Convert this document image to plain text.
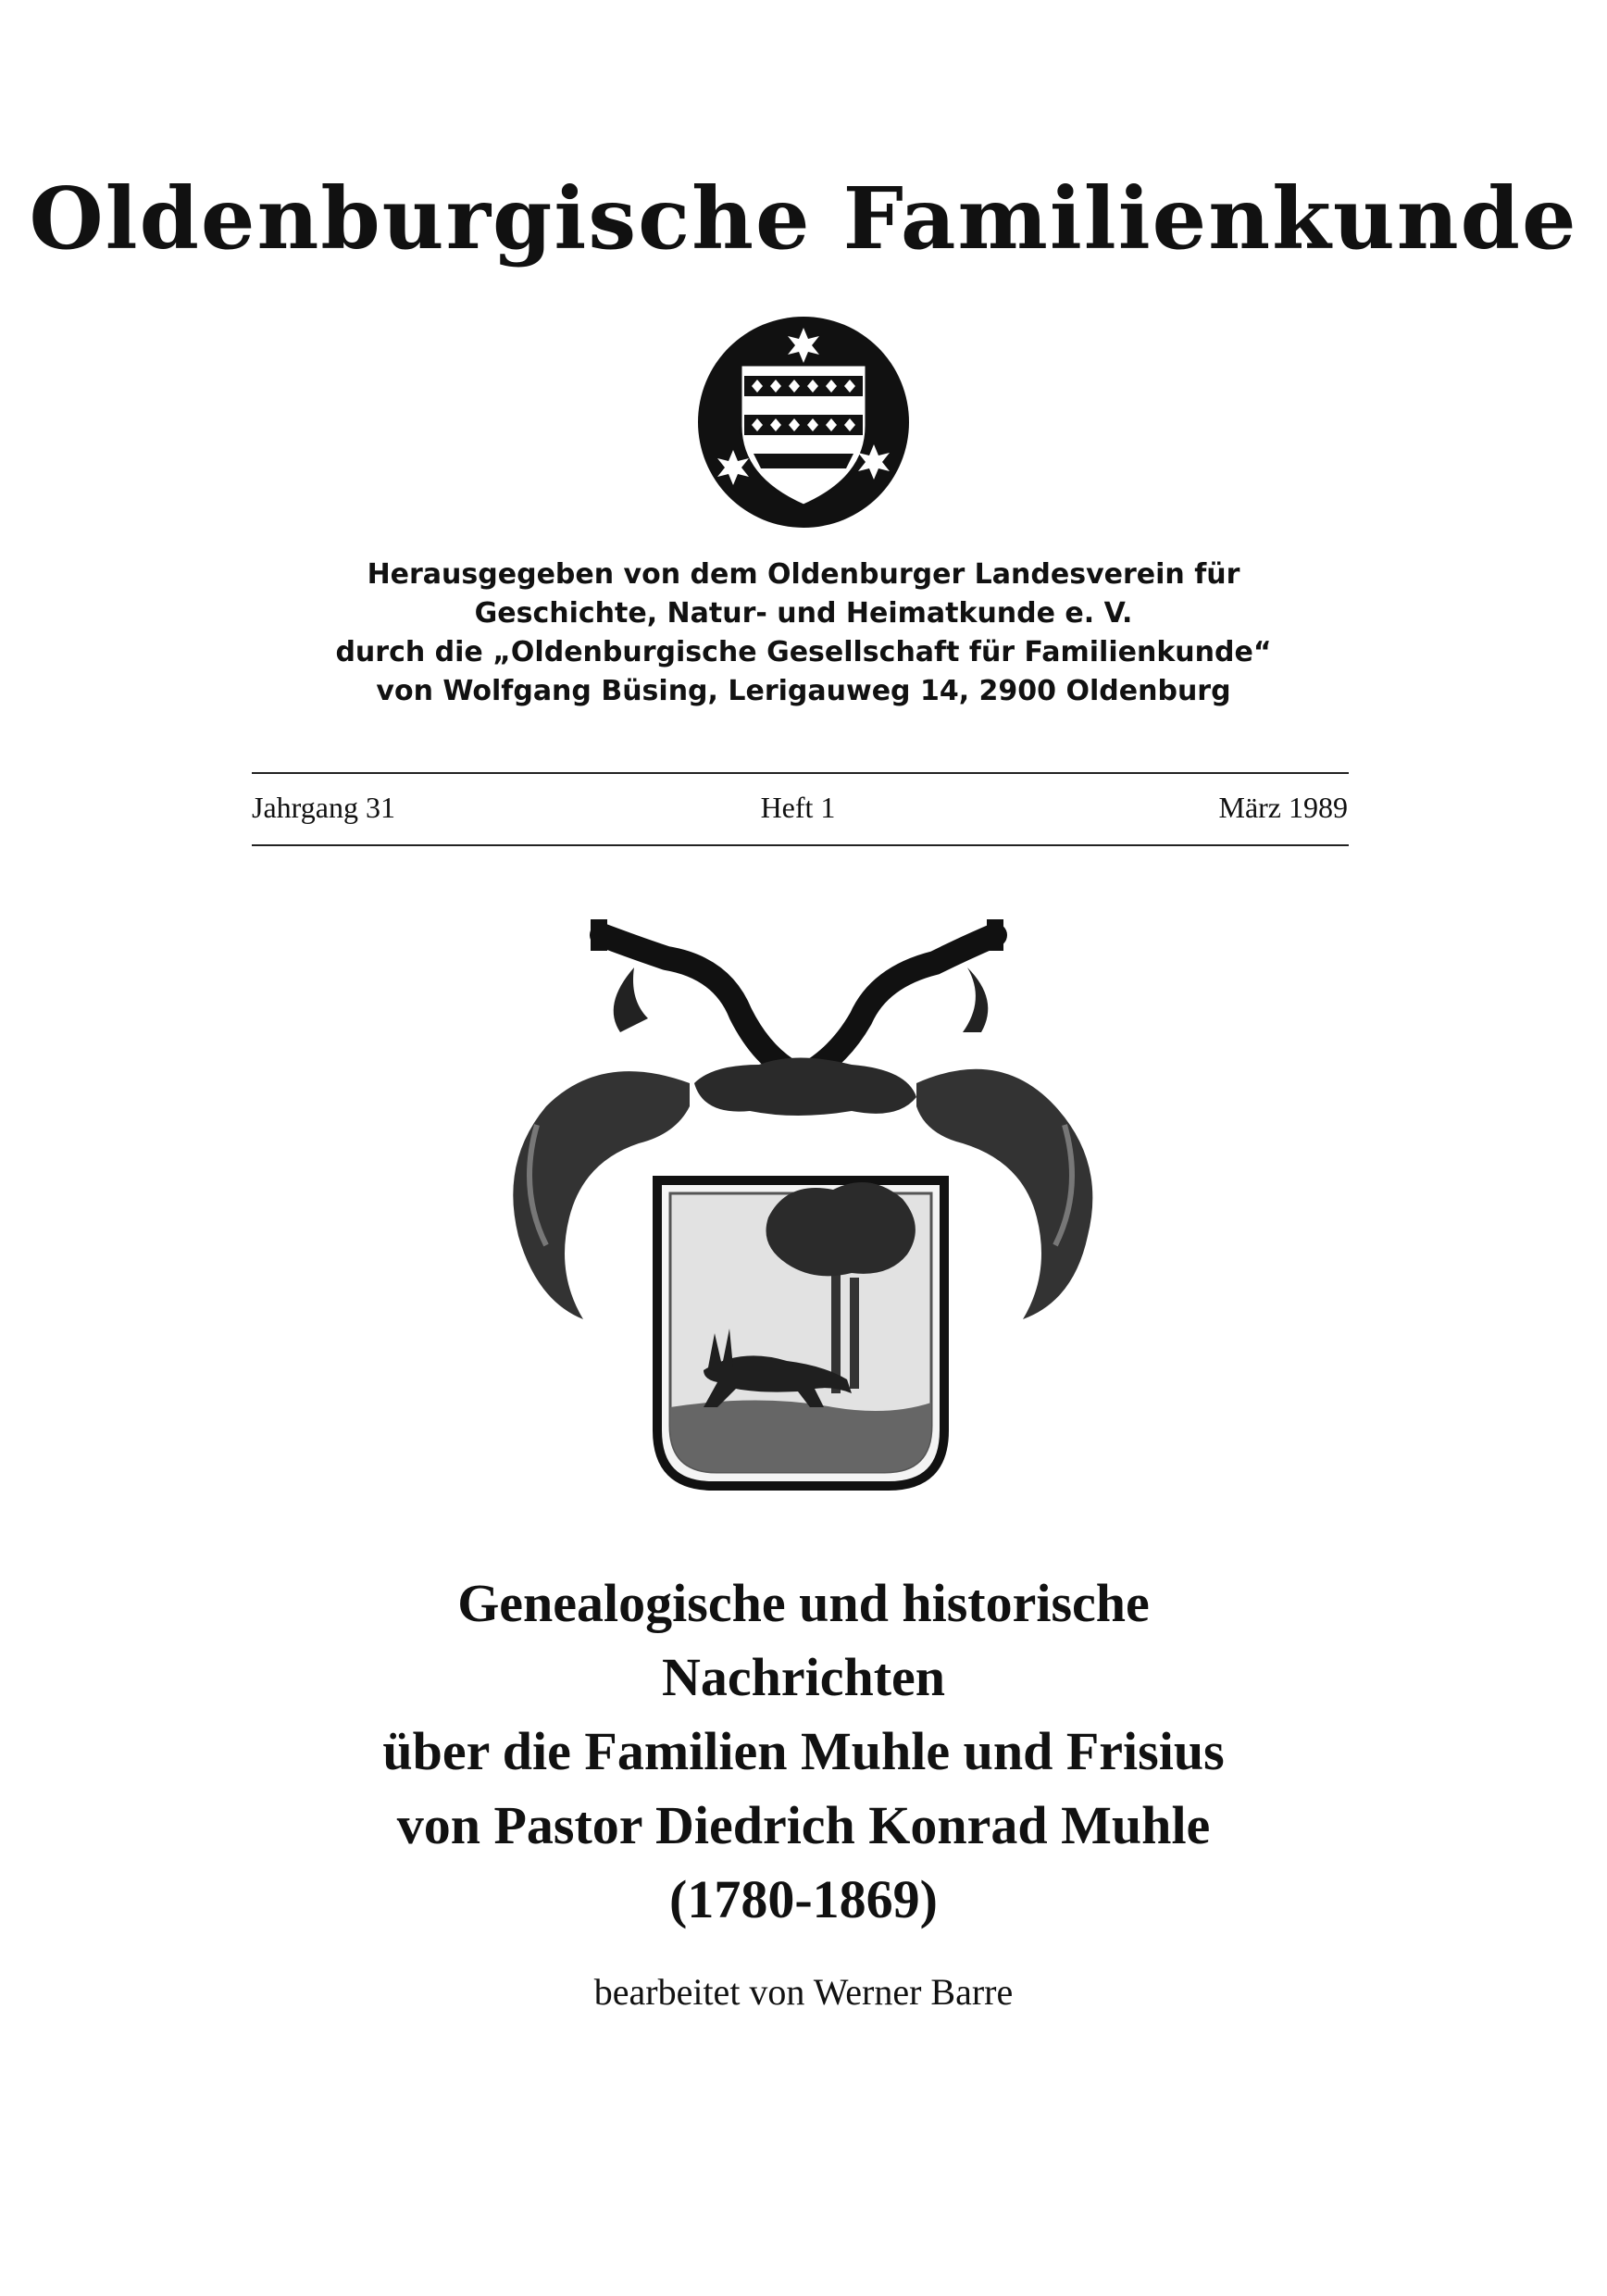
Oldenburgische Familienkunde
Herausgegeben von dem Oldenburger Landesverein für
Geschichte, Natur- und Heimatkunde e. V.
durch die „Oldenburgische Gesellschaft für Familienkunde“
von Wolfgang Büsing, Lerigauweg 14, 2900 Oldenburg
Jahrgang 31	Heft 1	März 1989
Genealogische und historische
Nachrichten
über die Familien Muhle und Frisius
von Pastor Diedrich Konrad Muhle
(1780-1869)
bearbeitet von Werner Barre
